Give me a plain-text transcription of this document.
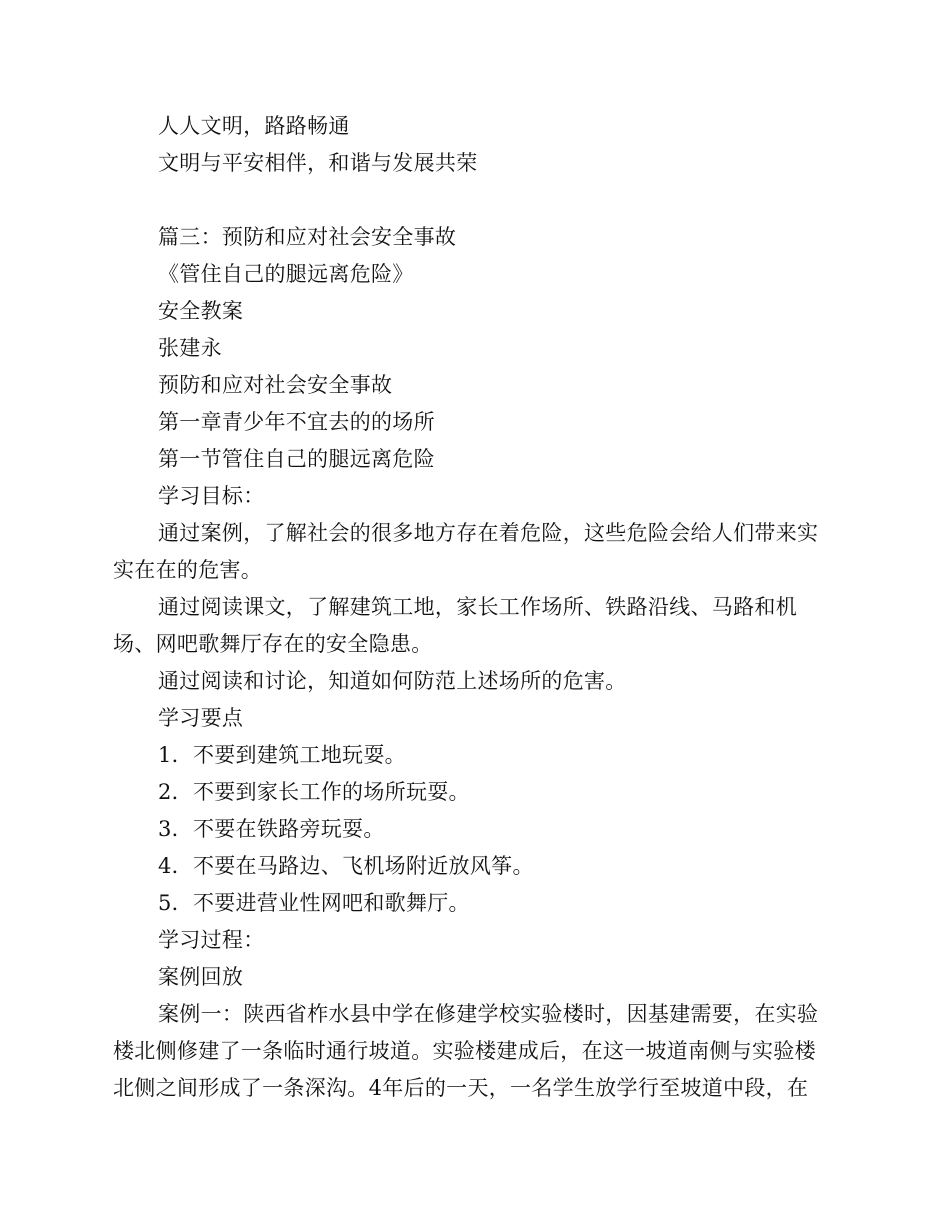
人人文明，路路畅通
文明与平安相伴，和谐与发展共荣
篇三：预防和应对社会安全事故
《管住自己的腿远离危险》
安全教案
张建永
预防和应对社会安全事故
第一章青少年不宜去的的场所
第一节管住自己的腿远离危险
学习目标：
通过案例，了解社会的很多地方存在着危险，这些危险会给人们带来实
实在在的危害。
通过阅读课文，了解建筑工地，家长工作场所、铁路沿线、马路和机
场、网吧歌舞厅存在的安全隐患。
通过阅读和讨论，知道如何防范上述场所的危害。
学习要点
1．不要到建筑工地玩耍。
2．不要到家长工作的场所玩耍。
3．不要在铁路旁玩耍。
4．不要在马路边、飞机场附近放风筝。
5．不要进营业性网吧和歌舞厅。
学习过程：
案例回放
案例一：陕西省柞水县中学在修建学校实验楼时，因基建需要，在实验
楼北侧修建了一条临时通行坡道。实验楼建成后，在这一坡道南侧与实验楼
北侧之间形成了一条深沟。4年后的一天，一名学生放学行至坡道中段，在
